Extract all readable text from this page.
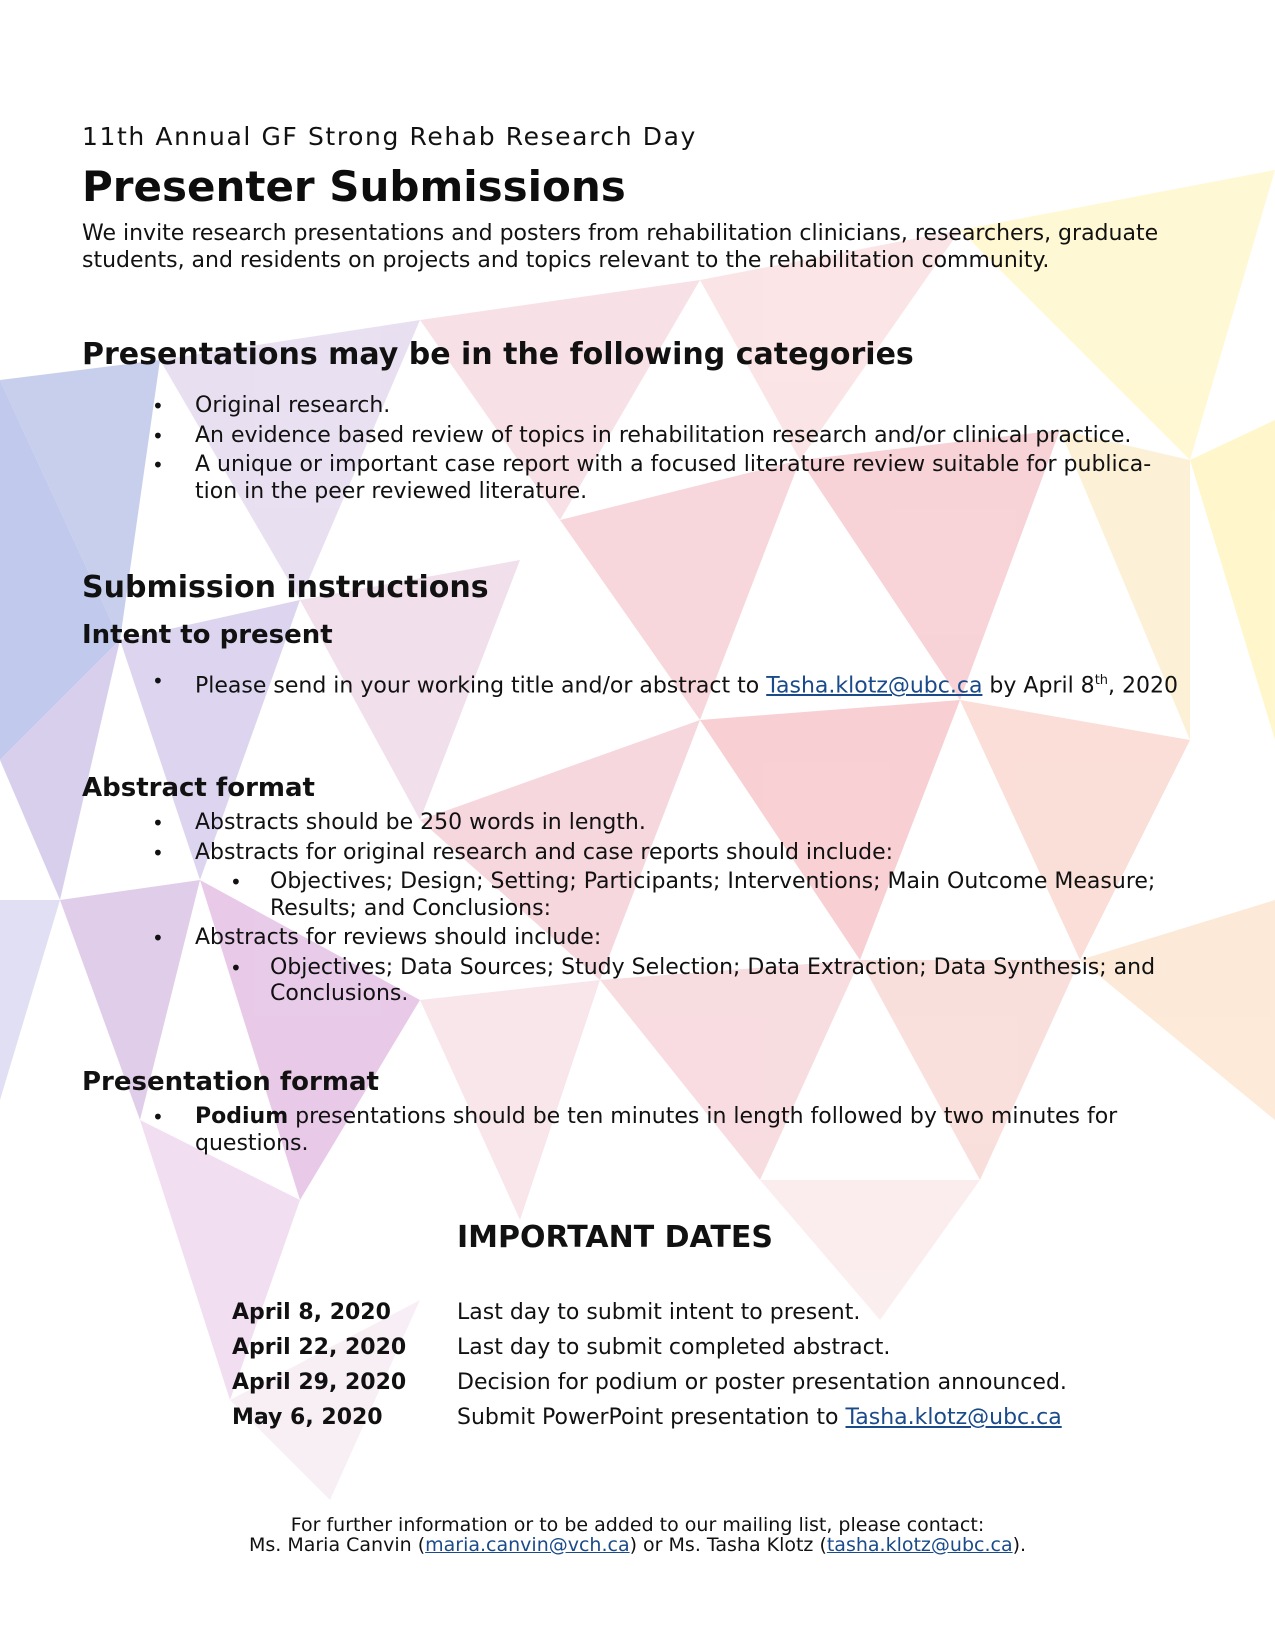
11th Annual GF Strong Rehab Research Day

Presenter Submissions

We invite research presentations and posters from rehabilitation clinicians, researchers, graduate students, and residents on projects and topics relevant to the rehabilitation community.

Presentations may be in the following categories
• Original research.
• An evidence based review of topics in rehabilitation research and/or clinical practice.
• A unique or important case report with a focused literature review suitable for publica-tion in the peer reviewed literature.
Submission instructions
Intent to present
• Please send in your working title and/or abstract to Tasha.klotz@ubc.ca by April 8th, 2020
Abstract format
• Abstracts should be 250 words in length.
• Abstracts for original research and case reports should include:
• Objectives; Design; Setting; Participants; Interventions; Main Outcome Measure; Results; and Conclusions:
• Abstracts for reviews should include:
• Objectives; Data Sources; Study Selection; Data Extraction; Data Synthesis; and Conclusions.
Presentation format
• Podium presentations should be ten minutes in length followed by two minutes for questions.
IMPORTANT DATES
April 8, 2020	Last day to submit intent to present.
April 22, 2020	Last day to submit completed abstract.
April 29, 2020	Decision for podium or poster presentation announced.
May 6, 2020	Submit PowerPoint presentation to Tasha.klotz@ubc.ca
For further information or to be added to our mailing list, please contact:
Ms. Maria Canvin (maria.canvin@vch.ca) or Ms. Tasha Klotz (tasha.klotz@ubc.ca).
